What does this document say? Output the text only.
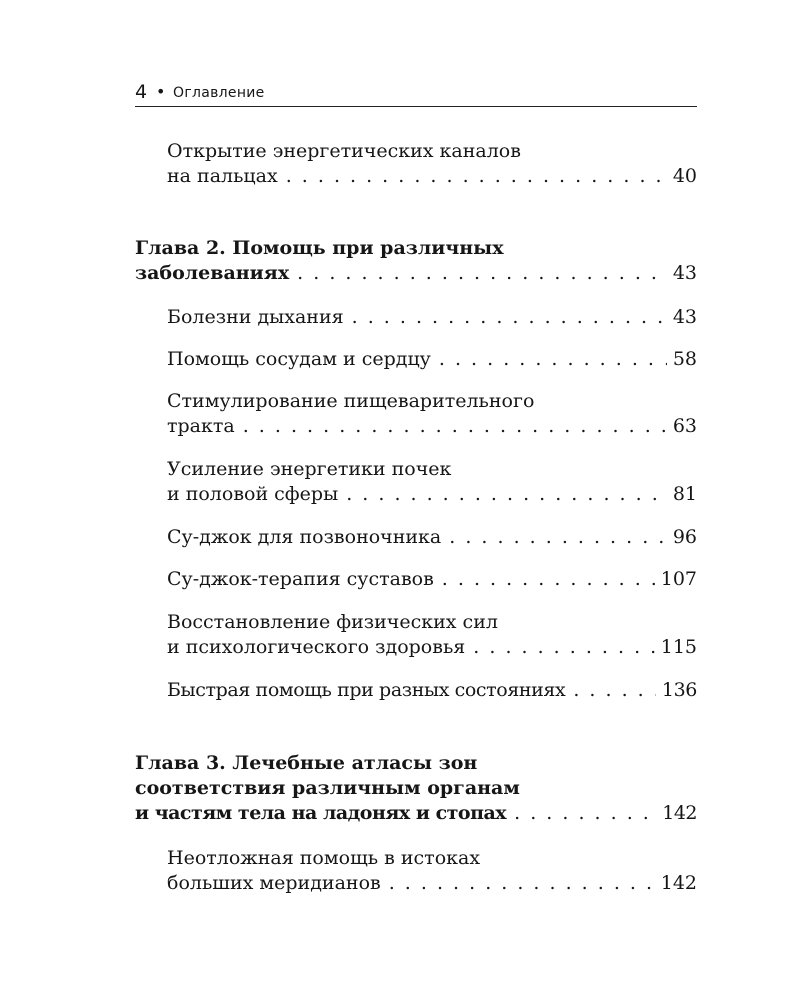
4 • Оглавление
Открытие энергетических каналов
на пальцах . . .	40
Глава 2. Помощь при различных
заболеваниях . . .	43
Болезни дыхания . . .	43
Помощь сосудам и сердцу . . .	58
Стимулирование пищеварительного
тракта . . .	63
Усиление энергетики почек
и половой сферы . . .	81
Су-джок для позвоночника . . .	96
Су-джок-терапия суставов . . .	107
Восстановление физических сил
и психологического здоровья . . .	115
Быстрая помощь при разных состояниях . . .	136
Глава 3. Лечебные атласы зон
соответствия различным органам
и частям тела на ладонях и стопах . . .	142
Неотложная помощь в истоках
больших меридианов . . .	142
